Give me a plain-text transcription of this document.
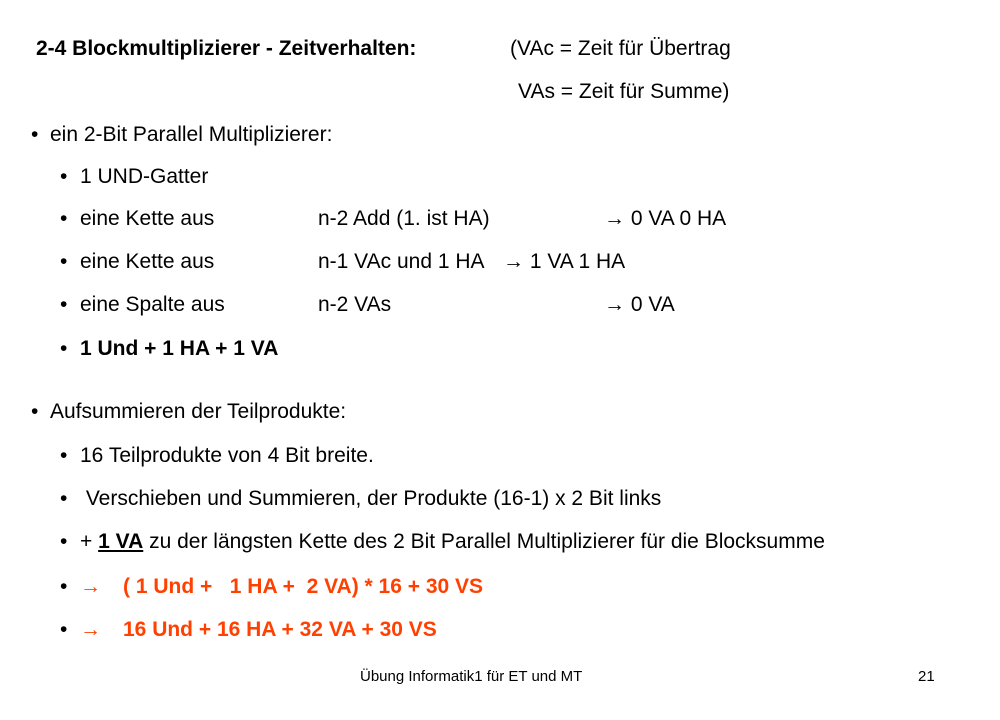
2-4 Blockmultiplizierer - Zeitverhalten:	(VAc = Zeit für Übertrag
VAs = Zeit für Summe)
• ein 2-Bit Parallel Multiplizierer:
• 1 UND-Gatter
• eine Kette aus	n-2 Add (1. ist HA)	→ 0 VA 0 HA
• eine Kette aus	n-1 VAc und 1 HA → 1 VA 1 HA
• eine Spalte aus	n-2 VAs	→ 0 VA
• 1 Und + 1 HA + 1 VA
• Aufsummieren der Teilprodukte:
• 16 Teilprodukte von 4 Bit breite.
• Verschieben und Summieren, der Produkte (16-1) x 2 Bit links
• + 1 VA zu der längsten Kette des 2 Bit Parallel Multiplizierer für die Blocksumme
• → ( 1 Und +   1 HA +  2 VA) * 16 + 30 VS
• → 16 Und + 16 HA + 32 VA + 30 VS
Übung Informatik1 für ET und MT	21
